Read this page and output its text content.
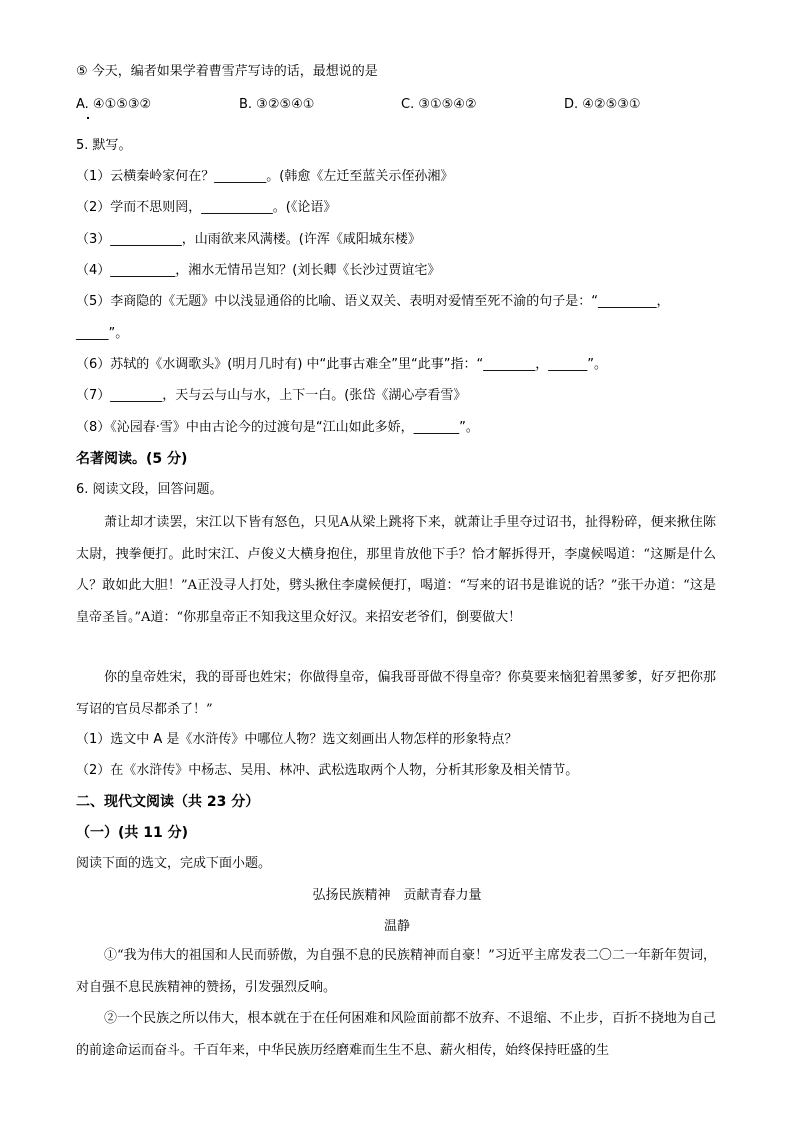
⑤ 今天，编者如果学着曹雪芹写诗的话，最想说的是
A. ④①⑤③②	B. ③②⑤④①	C. ③①⑤④②	D. ④②⑤③①
5. 默写。
（1）云横秦岭家何在？________。(韩愈《左迁至蓝关示侄孙湘》
（2）学而不思则罔，___________。(《论语》
（3）___________，山雨欲来风满楼。(许浑《咸阳城东楼》
（4）__________，湘水无情吊岂知？(刘长卿《长沙过贾谊宅》
（5）李商隐的《无题》中以浅显通俗的比喻、语义双关、表明对爱情至死不渝的句子是：“_________，
_____”。
（6）苏轼的《水调歌头》(明月几时有) 中“此事古难全”里“此事”指：“________，______”。
（7）________，天与云与山与水，上下一白。(张岱《湖心亭看雪》
（8）《沁园春·雪》中由古论今的过渡句是“江山如此多娇，_______”。
名著阅读。(5 分)
6. 阅读文段，回答问题。
萧让却才读罢，宋江以下皆有怒色，只见A从梁上跳将下来，就萧让手里夺过诏书，扯得粉碎，便来揪住陈太尉，拽拳便打。此时宋江、卢俊义大横身抱住，那里肯放他下手？恰才解拆得开，李虞候喝道：“这厮是什么人？敢如此大胆！”A正没寻人打处，劈头揪住李虞候便打，喝道：“写来的诏书是谁说的话？”张干办道：“这是皇帝圣旨。”A道：“你那皇帝正不知我这里众好汉。来招安老爷们，倒要做大！
你的皇帝姓宋，我的哥哥也姓宋；你做得皇帝，偏我哥哥做不得皇帝？你莫要来恼犯着黑爹爹，好歹把你那写诏的官员尽都杀了！”
（1）选文中 A 是《水浒传》中哪位人物？选文刻画出人物怎样的形象特点？
（2）在《水浒传》中杨志、吴用、林冲、武松选取两个人物，分析其形象及相关情节。
二、现代文阅读（共 23 分）
（一）(共 11 分)
阅读下面的选文，完成下面小题。
弘扬民族精神　贡献青春力量
温静
①“我为伟大的祖国和人民而骄傲，为自强不息的民族精神而自豪！”习近平主席发表二〇二一年新年贺词，对自强不息民族精神的赞扬，引发强烈反响。
②一个民族之所以伟大，根本就在于在任何困难和风险面前都不放弃、不退缩、不止步，百折不挠地为自己的前途命运而奋斗。千百年来，中华民族历经磨难而生生不息、薪火相传，始终保持旺盛的生
